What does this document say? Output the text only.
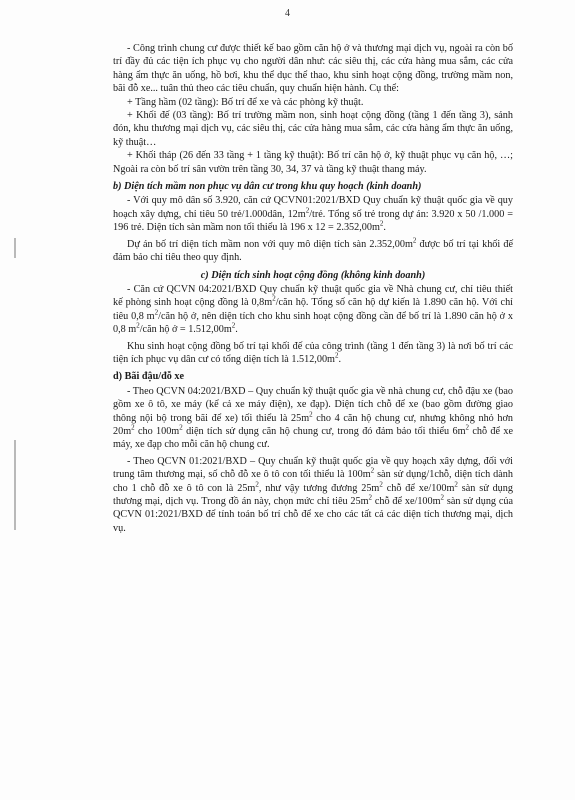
4

- Công trình chung cư được thiết kế bao gồm căn hộ ở và thương mại dịch vụ, ngoài ra còn bố trí đầy đủ các tiện ích phục vụ cho người dân như: các siêu thị, các cửa hàng mua sắm, các cửa hàng ẩm thực ăn uống, hồ bơi, khu thể dục thể thao, khu sinh hoạt cộng đồng, trường mầm non, bãi đỗ xe... tuân thủ theo các tiêu chuẩn, quy chuẩn hiện hành. Cụ thể:

+ Tầng hầm (02 tầng): Bố trí để xe và các phòng kỹ thuật.

+ Khối đế (03 tầng): Bố trí trường mầm non, sinh hoạt cộng đồng (tầng 1 đến tầng 3), sảnh đón, khu thương mại dịch vụ, các siêu thị, các cửa hàng mua sắm, các cửa hàng ẩm thực ăn uống, kỹ thuật…

+ Khối tháp (26 đến 33 tầng + 1 tầng kỹ thuật): Bố trí căn hộ ở, kỹ thuật phục vụ căn hộ, …; Ngoài ra còn bố trí sân vườn trên tầng 30, 34, 37 và tầng kỹ thuật thang máy.

b) Diện tích mầm non phục vụ dân cư trong khu quy hoạch (kinh doanh)

- Với quy mô dân số 3.920, căn cứ QCVN01:2021/BXD Quy chuẩn kỹ thuật quốc gia về quy hoạch xây dựng, chỉ tiêu 50 trẻ/1.000dân, $12m^2$/trẻ. Tổng số trẻ trong dự án: 3.920 x 50 /1.000 = 196 trẻ. Diện tích sàn mầm non tối thiểu là 196 x $12 = 2.352,00m^2$.

Dự án bố trí diện tích mầm non với quy mô diện tích sàn $2.352,00m^2$ được bố trí tại khối đế đảm bảo chỉ tiêu theo quy định.

c) Diện tích sinh hoạt cộng đồng (không kinh doanh)

- Căn cứ QCVN 04:2021/BXD Quy chuẩn kỹ thuật quốc gia về Nhà chung cư, chỉ tiêu thiết kế phòng sinh hoạt cộng đồng là $0,8m^2$/căn hộ. Tổng số căn hộ dự kiến là 1.890 căn hộ. Với chỉ tiêu 0,8 $m^2$/căn hộ ở, nên diện tích cho khu sinh hoạt cộng đồng cần để bố trí là 1.890 căn hộ ở x 0,8 $m^2$/căn hộ ở = $1.512,00m^2$.

Khu sinh hoạt cộng đồng bố trí tại khối đế của công trình (tầng 1 đến tầng 3) là nơi bố trí các tiện ích phục vụ dân cư có tổng diện tích là $1.512,00m^2$.

d) Bãi đậu/đỗ xe

- Theo QCVN 04:2021/BXD – Quy chuẩn kỹ thuật quốc gia về nhà chung cư, chỗ đậu xe (bao gồm xe ô tô, xe máy (kể cả xe máy điện), xe đạp). Diện tích chỗ để xe (bao gồm đường giao thông nội bộ trong bãi để xe) tối thiểu là $25m^2$ cho 4 căn hộ chung cư, nhưng không nhỏ hơn $20m^2$ cho $100m^2$ diện tích sử dụng căn hộ chung cư, trong đó đảm bảo tối thiểu $6m^2$ chỗ để xe máy, xe đạp cho mỗi căn hộ chung cư.

- Theo QCVN 01:2021/BXD – Quy chuẩn kỹ thuật quốc gia về quy hoạch xây dựng, đối với trung tâm thương mại, số chỗ đỗ xe ô tô con tối thiểu là $100m^2$ sàn sử dụng/1chỗ, diện tích dành cho 1 chỗ đỗ xe ô tô con là $25m^2$, như vậy tương đương $25m^2$ chỗ để $xe/100m^2$ sàn sử dụng thương mại, dịch vụ. Trong đồ án này, chọn mức chỉ tiêu $25m^2$ chỗ để $xe/100m^2$ sàn sử dụng của QCVN 01:2021/BXD để tính toán bố trí chỗ để xe cho các tất cả các diện tích thương mại, dịch vụ.
